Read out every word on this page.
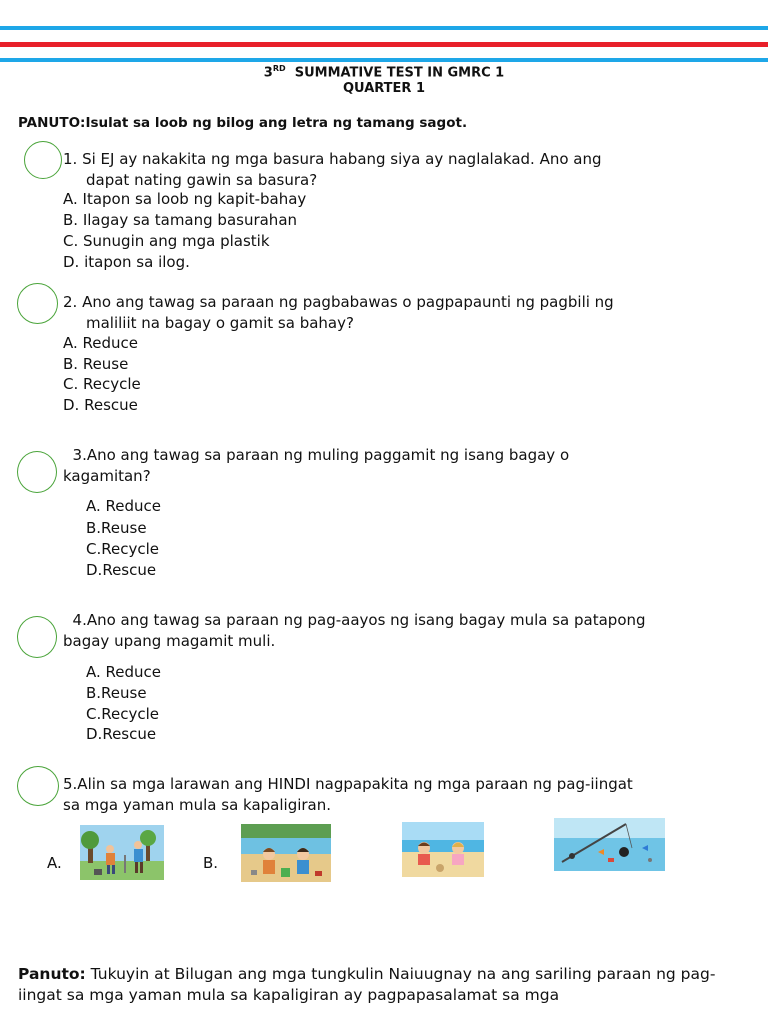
3RD  SUMMATIVE TEST IN GMRC 1
QUARTER 1
PANUTO:Isulat sa loob ng bilog ang letra ng tamang sagot.
1. Si EJ ay nakakita ng mga basura habang siya ay naglalakad. Ano ang
dapat nating gawin sa basura?
A. Itapon sa loob ng kapit-bahay
B. Ilagay sa tamang basurahan
C. Sunugin ang mga plastik
D. itapon sa ilog.
2. Ano ang tawag sa paraan ng pagbabawas o pagpapaunti ng pagbili ng
maliliit na bagay o gamit sa bahay?
A. Reduce
B. Reuse
C. Recycle
D. Rescue
3.Ano ang tawag sa paraan ng muling paggamit ng isang bagay o
kagamitan?
A. Reduce
B.Reuse
C.Recycle
D.Rescue
4.Ano ang tawag sa paraan ng pag-aayos ng isang bagay mula sa patapong
bagay upang magamit muli.
A. Reduce
B.Reuse
C.Recycle
D.Rescue
5.Alin sa mga larawan ang HINDI nagpapakita ng mga paraan ng pag-iingat
sa mga yaman mula sa kapaligiran.
A.	B.
Panuto: Tukuyin at Bilugan ang mga tungkulin Naiuugnay na ang sariling paraan ng pag-iingat sa mga yaman mula sa kapaligiran ay pagpapasalamat sa mga
